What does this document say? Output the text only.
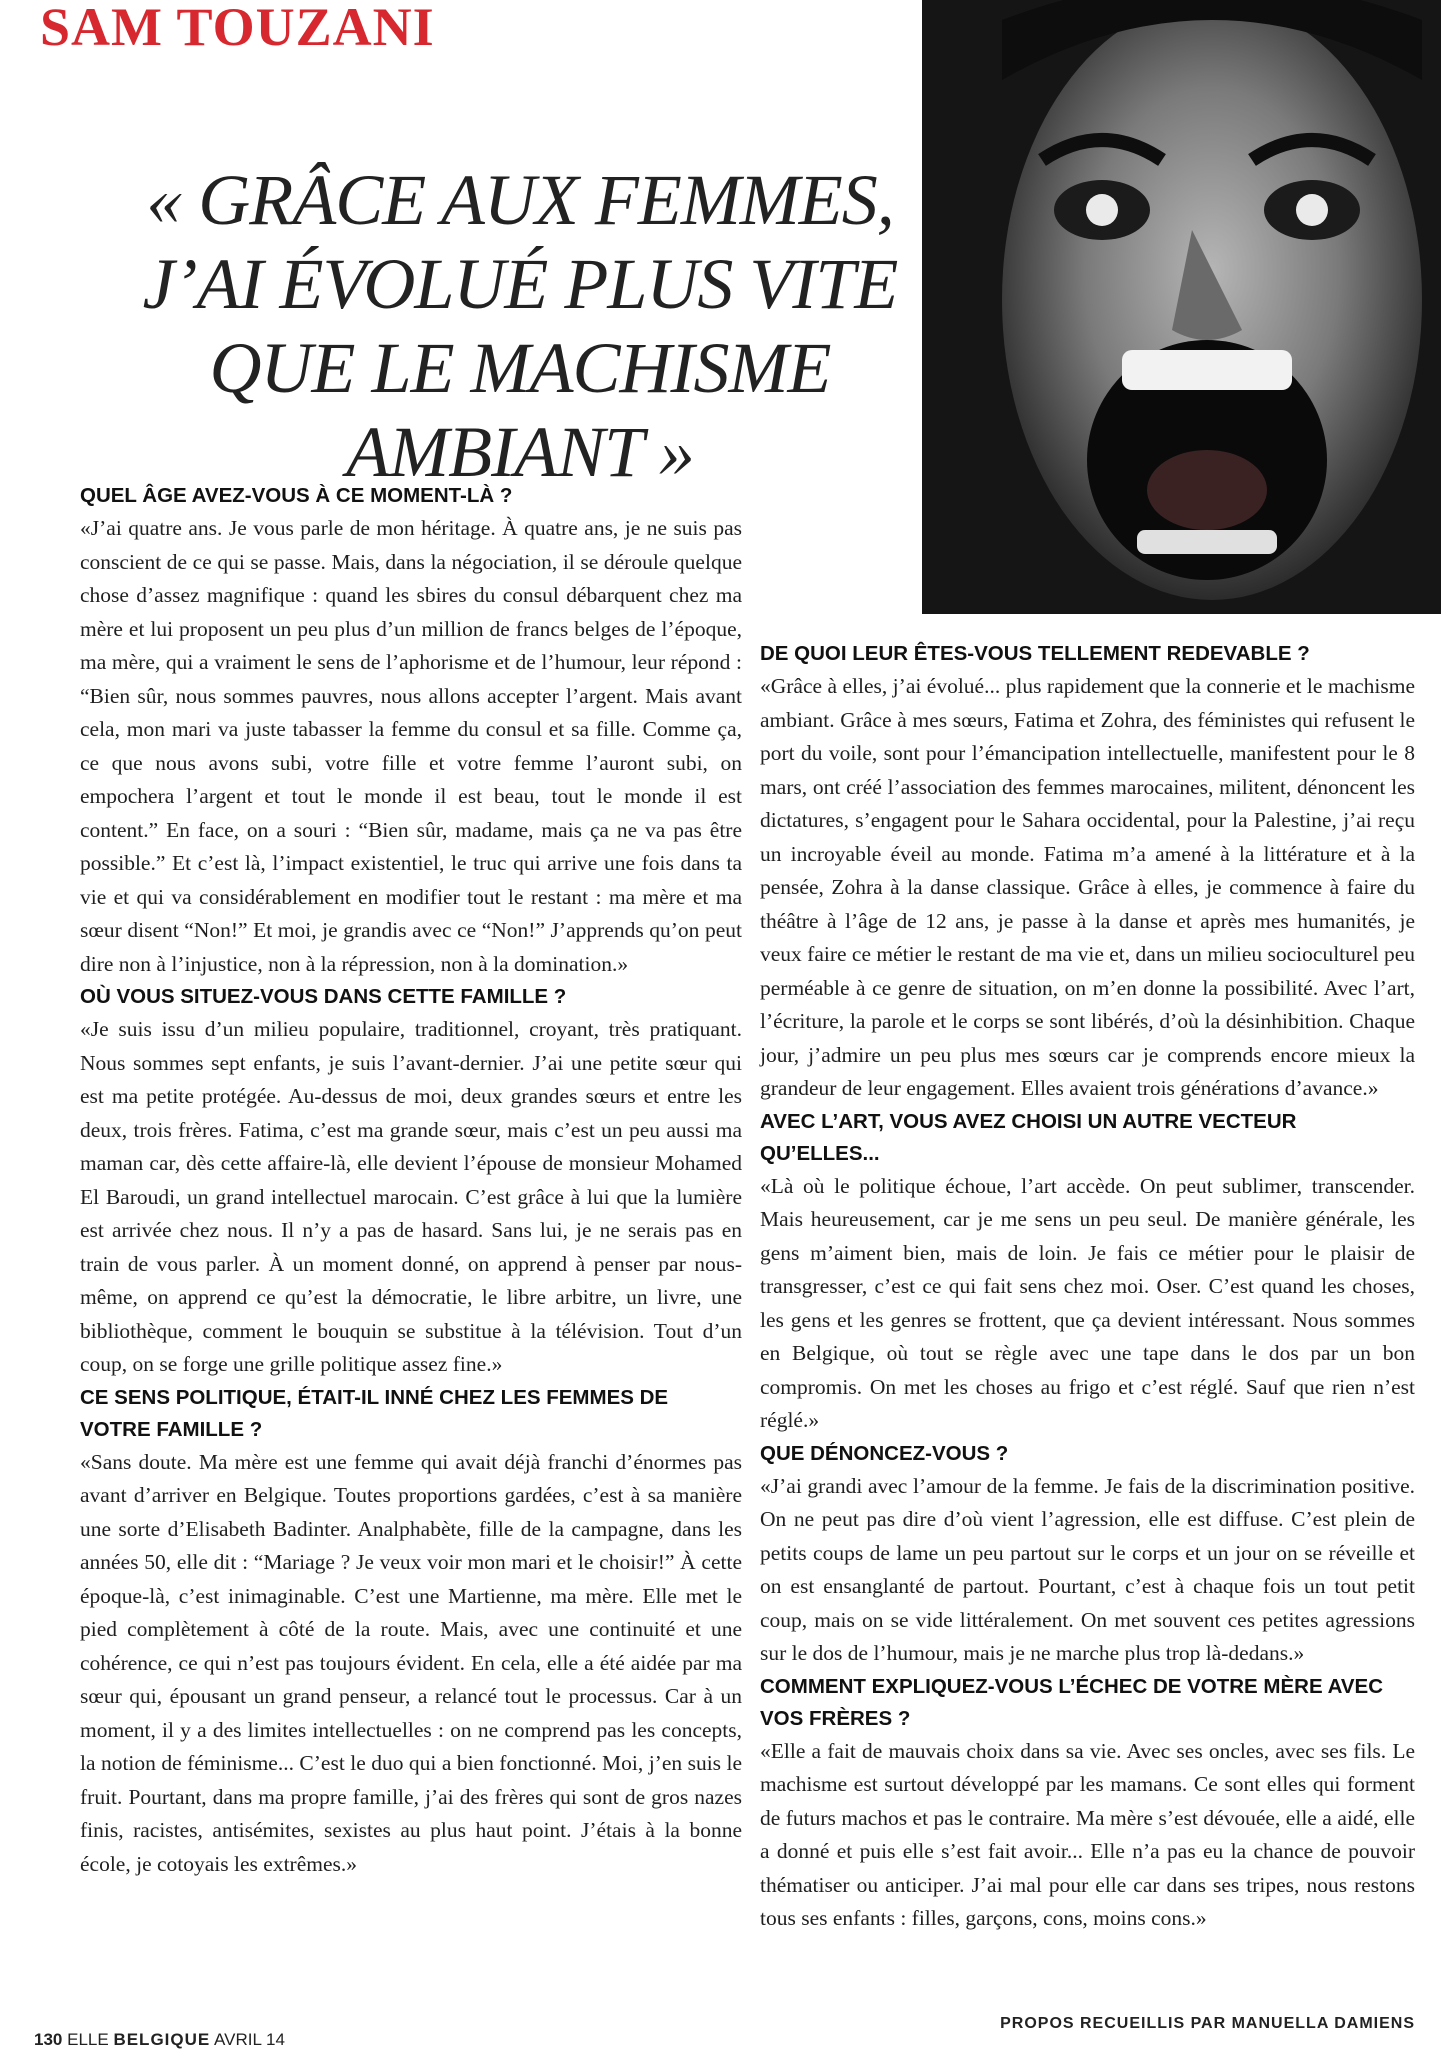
SAM TOUZANI
« GRÂCE AUX FEMMES, J’AI ÉVOLUÉ PLUS VITE QUE LE MACHISME AMBIANT »

QUEL ÂGE AVEZ-VOUS À CE MOMENT-LÀ ?

«J’ai quatre ans. Je vous parle de mon héritage. À quatre ans, je ne suis pas conscient de ce qui se passe. Mais, dans la négociation, il se déroule quelque chose d’assez magnifique : quand les sbires du consul débarquent chez ma mère et lui proposent un peu plus d’un million de francs belges de l’époque, ma mère, qui a vraiment le sens de l’aphorisme et de l’humour, leur répond : “Bien sûr, nous sommes pauvres, nous allons accepter l’argent. Mais avant cela, mon mari va juste tabasser la femme du consul et sa fille. Comme ça, ce que nous avons subi, votre fille et votre femme l’auront subi, on empochera l’argent et tout le monde il est beau, tout le monde il est content.” En face, on a souri : “Bien sûr, madame, mais ça ne va pas être possible.” Et c’est là, l’impact existentiel, le truc qui arrive une fois dans ta vie et qui va considérablement en modifier tout le restant : ma mère et ma sœur disent “Non!” Et moi, je grandis avec ce “Non!” J’apprends qu’on peut dire non à l’injustice, non à la répression, non à la domination.»

OÙ VOUS SITUEZ-VOUS DANS CETTE FAMILLE ?

«Je suis issu d’un milieu populaire, traditionnel, croyant, très pratiquant. Nous sommes sept enfants, je suis l’avant-dernier. J’ai une petite sœur qui est ma petite protégée. Au-dessus de moi, deux grandes sœurs et entre les deux, trois frères. Fatima, c’est ma grande sœur, mais c’est un peu aussi ma maman car, dès cette affaire-là, elle devient l’épouse de monsieur Mohamed El Baroudi, un grand intellectuel marocain. C’est grâce à lui que la lumière est arrivée chez nous. Il n’y a pas de hasard. Sans lui, je ne serais pas en train de vous parler. À un moment donné, on apprend à penser par nous-même, on apprend ce qu’est la démocratie, le libre arbitre, un livre, une bibliothèque, comment le bouquin se substitue à la télévision. Tout d’un coup, on se forge une grille politique assez fine.»

CE SENS POLITIQUE, ÉTAIT-IL INNÉ CHEZ LES FEMMES DE VOTRE FAMILLE ?

«Sans doute. Ma mère est une femme qui avait déjà franchi d’énormes pas avant d’arriver en Belgique. Toutes proportions gardées, c’est à sa manière une sorte d’Elisabeth Badinter. Analphabète, fille de la campagne, dans les années 50, elle dit : “Mariage ? Je veux voir mon mari et le choisir!” À cette époque-là, c’est inimaginable. C’est une Martienne, ma mère. Elle met le pied complètement à côté de la route. Mais, avec une continuité et une cohérence, ce qui n’est pas toujours évident. En cela, elle a été aidée par ma sœur qui, épousant un grand penseur, a relancé tout le processus. Car à un moment, il y a des limites intellectuelles : on ne comprend pas les concepts, la notion de féminisme... C’est le duo qui a bien fonctionné. Moi, j’en suis le fruit. Pourtant, dans ma propre famille, j’ai des frères qui sont de gros nazes finis, racistes, antisémites, sexistes au plus haut point. J’étais à la bonne école, je cotoyais les extrêmes.»

DE QUOI LEUR ÊTES-VOUS TELLEMENT REDEVABLE ?

«Grâce à elles, j’ai évolué... plus rapidement que la connerie et le machisme ambiant. Grâce à mes sœurs, Fatima et Zohra, des féministes qui refusent le port du voile, sont pour l’émancipation intellectuelle, manifestent pour le 8 mars, ont créé l’association des femmes marocaines, militent, dénoncent les dictatures, s’engagent pour le Sahara occidental, pour la Palestine, j’ai reçu un incroyable éveil au monde. Fatima m’a amené à la littérature et à la pensée, Zohra à la danse classique. Grâce à elles, je commence à faire du théâtre à l’âge de 12 ans, je passe à la danse et après mes humanités, je veux faire ce métier le restant de ma vie et, dans un milieu socioculturel peu perméable à ce genre de situation, on m’en donne la possibilité. Avec l’art, l’écriture, la parole et le corps se sont libérés, d’où la désinhibition. Chaque jour, j’admire un peu plus mes sœurs car je comprends encore mieux la grandeur de leur engagement. Elles avaient trois générations d’avance.»

AVEC L’ART, VOUS AVEZ CHOISI UN AUTRE VECTEUR QU’ELLES...

«Là où le politique échoue, l’art accède. On peut sublimer, transcender. Mais heureusement, car je me sens un peu seul. De manière générale, les gens m’aiment bien, mais de loin. Je fais ce métier pour le plaisir de transgresser, c’est ce qui fait sens chez moi. Oser. C’est quand les choses, les gens et les genres se frottent, que ça devient intéressant. Nous sommes en Belgique, où tout se règle avec une tape dans le dos par un bon compromis. On met les choses au frigo et c’est réglé. Sauf que rien n’est réglé.»

QUE DÉNONCEZ-VOUS ?

«J’ai grandi avec l’amour de la femme. Je fais de la discrimination positive. On ne peut pas dire d’où vient l’agression, elle est diffuse. C’est plein de petits coups de lame un peu partout sur le corps et un jour on se réveille et on est ensanglanté de partout. Pourtant, c’est à chaque fois un tout petit coup, mais on se vide littéralement. On met souvent ces petites agressions sur le dos de l’humour, mais je ne marche plus trop là-dedans.»

COMMENT EXPLIQUEZ-VOUS L’ÉCHEC DE VOTRE MÈRE AVEC VOS FRÈRES ?

«Elle a fait de mauvais choix dans sa vie. Avec ses oncles, avec ses fils. Le machisme est surtout développé par les mamans. Ce sont elles qui forment de futurs machos et pas le contraire. Ma mère s’est dévouée, elle a aidé, elle a donné et puis elle s’est fait avoir... Elle n’a pas eu la chance de pouvoir thématiser ou anticiper. J’ai mal pour elle car dans ses tripes, nous restons tous ses enfants : filles, garçons, cons, moins cons.»

PROPOS RECUEILLIS PAR MANUELLA DAMIENS
130 ELLE BELGIQUE AVRIL 14
